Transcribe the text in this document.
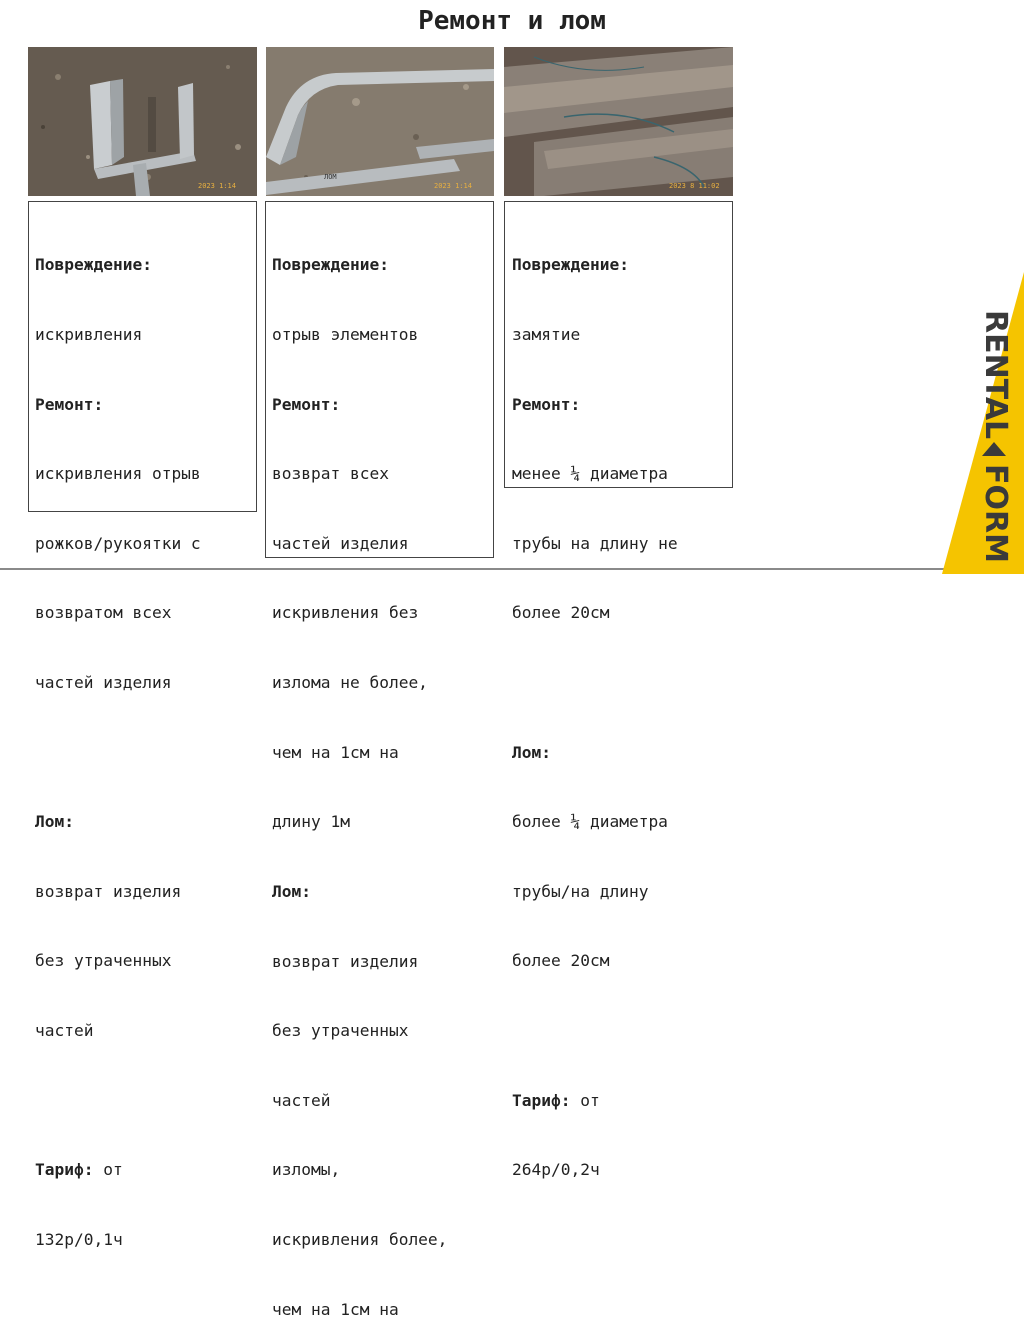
Ремонт и лом
2023 1:14
ЛОМ
2023 1:14	2023 8 11:02

Повреждение:

искривления

Ремонт:

искривления отрыв

рожков/рукоятки с

возвратом всех

частей изделия

Лом:

возврат изделия

без утраченных

частей

Тариф: от

132р/0,1ч

Повреждение:

отрыв элементов

Ремонт:

возврат всех

частей изделия

искривления без

излома не более,

чем на 1см на

длину 1м

Лом:

возврат изделия

без утраченных

частей

изломы,

искривления более,

чем на 1см на

Повреждение:

замятие

Ремонт:

менее ¼ диаметра

трубы на длину не

более 20см

Лом:

более ¼ диаметра

трубы/на длину

более 20см

Тариф: от

264р/0,2ч

RENTAL
FORM
